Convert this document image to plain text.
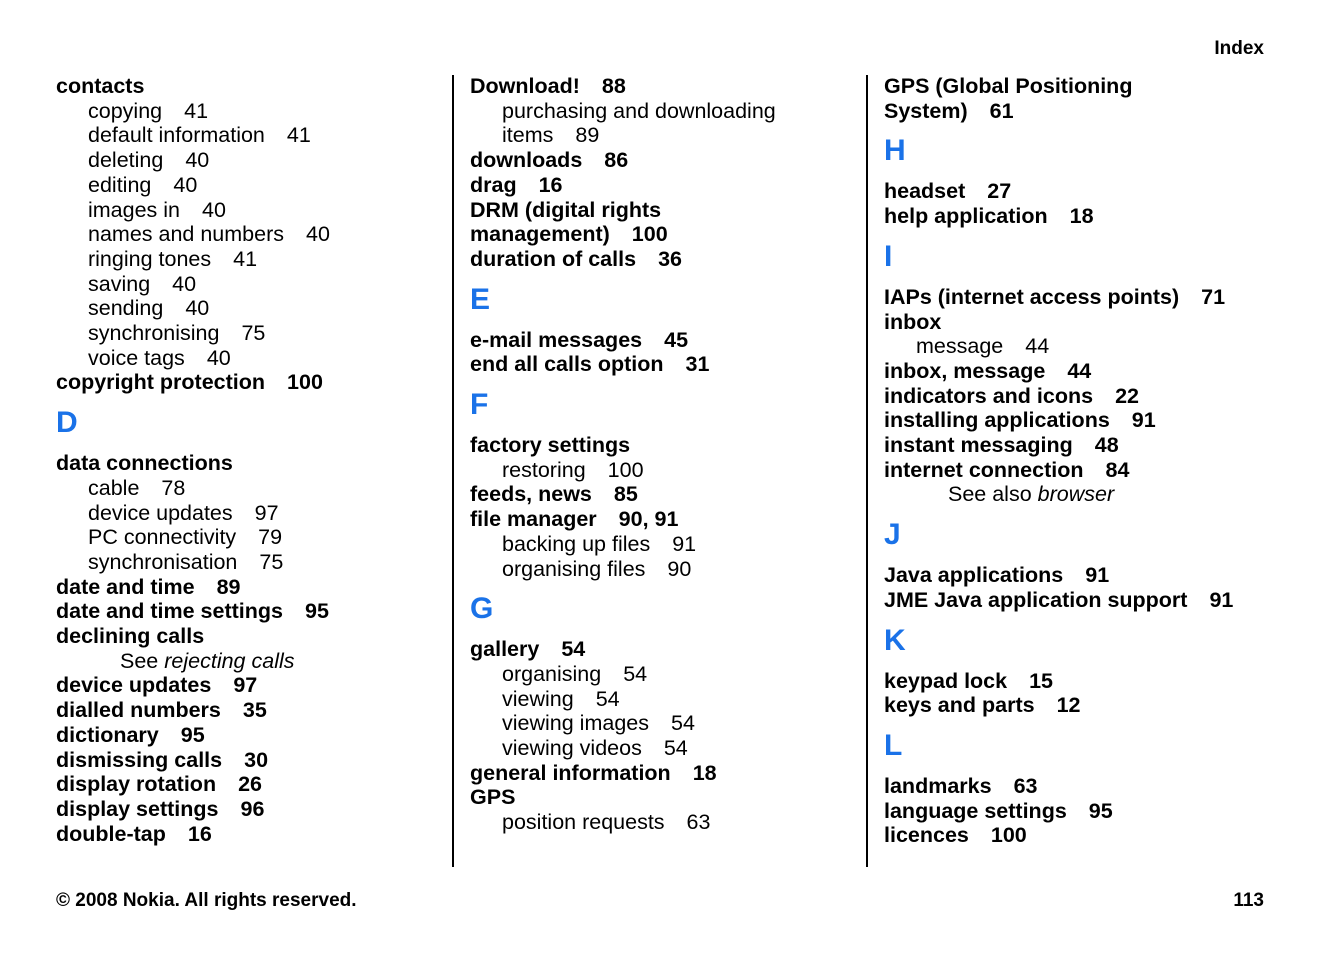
Index
contacts
copying 41
default information 41
deleting 40
editing 40
images in 40
names and numbers 40
ringing tones 41
saving 40
sending 40
synchronising 75
voice tags 40
copyright protection 100
D
data connections
cable 78
device updates 97
PC connectivity 79
synchronisation 75
date and time 89
date and time settings 95
declining calls
See rejecting calls
device updates 97
dialled numbers 35
dictionary 95
dismissing calls 30
display rotation 26
display settings 96
double-tap 16
Download! 88
purchasing and downloading
items 89
downloads 86
drag 16
DRM (digital rights
management) 100
duration of calls 36
E
e-mail messages 45
end all calls option 31
F
factory settings
restoring 100
feeds, news 85
file manager 90, 91
backing up files 91
organising files 90
G
gallery 54
organising 54
viewing 54
viewing images 54
viewing videos 54
general information 18
GPS
position requests 63
GPS (Global Positioning
System) 61
H
headset 27
help application 18
I
IAPs (internet access points) 71
inbox
message 44
inbox, message 44
indicators and icons 22
installing applications 91
instant messaging 48
internet connection 84
See also browser
J
Java applications 91
JME Java application support 91
K
keypad lock 15
keys and parts 12
L
landmarks 63
language settings 95
licences 100
© 2008 Nokia. All rights reserved.	113
